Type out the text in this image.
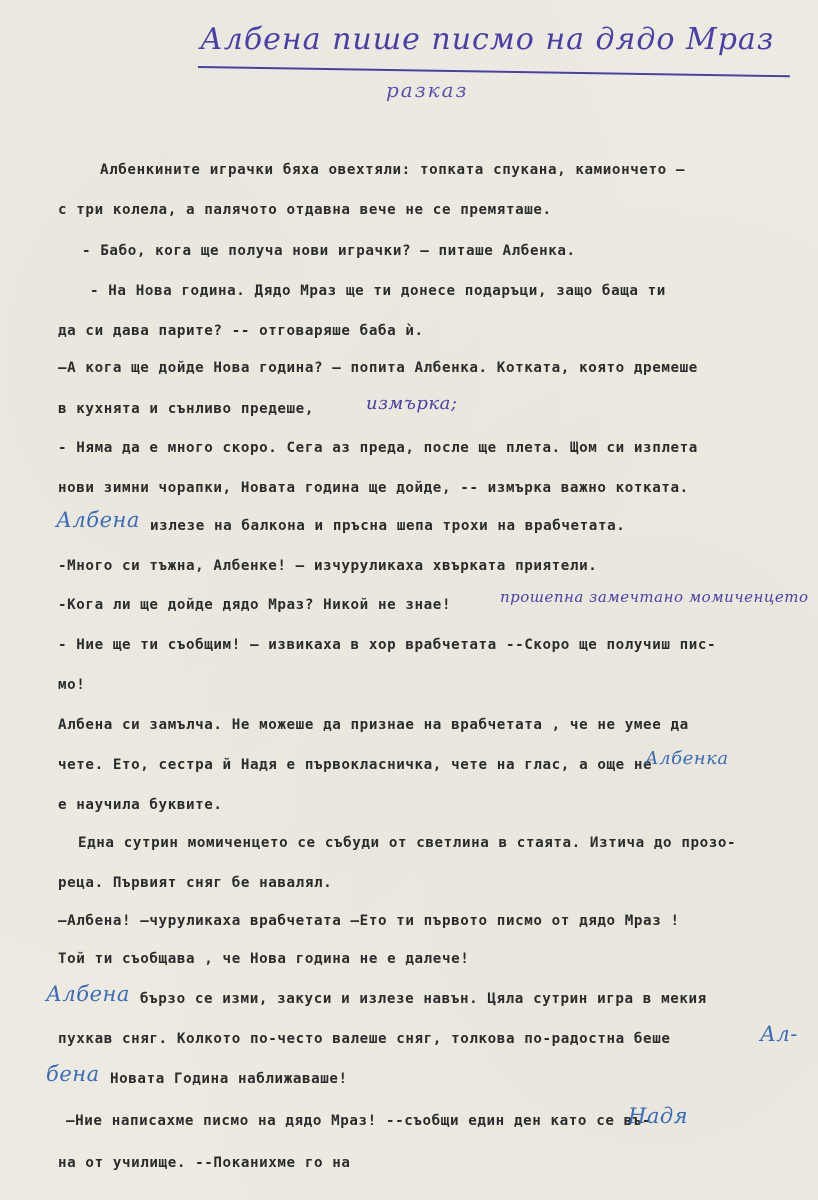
Албена пише писмо на дядо Мраз
разказ
Албенкините играчки бяха овехтяли: топката спукана, камиончето —
с три колела, а палячото отдавна вече не се премяташе.
- Бабо, кога ще получа нови играчки? — питаше Албенка.
- На Нова година. Дядо Мраз ще ти донесе подаръци, защо баща ти
да си дава парите? -- отговаряше баба ѝ.
—А кога ще дойде Нова година? — попита Албенка. Котката, която дремеше
в кухнята и сънливо предеше,	измърка;
- Няма да е много скоро. Сега аз преда, после ще плета. Щом си изплета
нови зимни чорапки, Новата година ще дойде, -- измърка важно котката.
Албена излезе на балкона и пръсна шепа трохи на врабчетата.
-Много си тъжна, Албенке! — изчуруликаха хвърката приятели.
-Кога ли ще дойде дядо Мраз? Никой не знае!	прошепна замечтано момиченцето
- Ние ще ти съобщим! — извикаха в хор врабчетата --Скоро ще получиш пис-
мо!
Албена си замълча. Не можеше да признае на врабчетата , че не умее да
чете. Ето, сестра й Надя е първокласничка, чете на глас, а още не
Албенка
е научила буквите.
Една сутрин момиченцето се събуди от светлина в стаята. Изтича до прозо-
реца. Първият сняг бе навалял.
—Албена! —чуруликаха врабчетата —Ето ти първото писмо от дядо Мраз !
Той ти съобщава , че Нова година не е далече!
Албена бързо се изми, закуси и излезе навън. Цяла сутрин игра в мекия
пухкав сняг. Колкото по-често валеше сняг, толкова по-радостна беше	Ал-
бена Новата Година наближаваше!
—Ние написахме писмо на дядо Мраз! --съобщи един ден като се въ-
Надя
на от училище. --Поканихме го на
